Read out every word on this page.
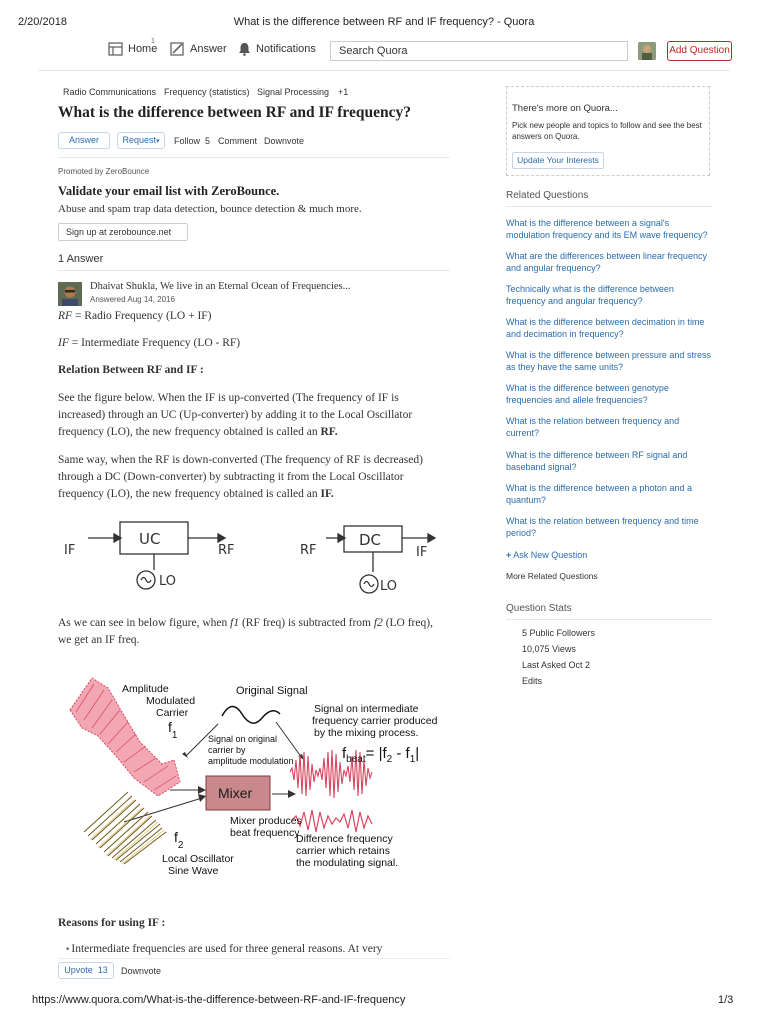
2/20/2018	What is the difference between RF and IF frequency? - Quora
1
Home	Answer	Notifications	Search Quora	Add Question
Radio Communications Frequency (statistics) Signal Processing +1
What is the difference between RF and IF frequency?
Answer	Request▾	Follow 5 Comment Downvote
Promoted by ZeroBounce
Validate your email list with ZeroBounce.
Abuse and spam trap data detection, bounce detection & much more.
Sign up at zerobounce.net
1 Answer
Dhaivat Shukla, We live in an Eternal Ocean of Frequencies...
Answered Aug 14, 2016
RF = Radio Frequency (LO + IF)
IF = Intermediate Frequency (LO - RF)
Relation Between RF and IF :
See the figure below. When the IF is up-converted (The frequency of IF is increased) through an UC (Up-converter) by adding it to the Local Oscillator frequency (LO), the new frequency obtained is called an RF.
Same way, when the RF is down-converted (The frequency of RF is decreased) through a DC (Down-converter) by subtracting it from the Local Oscillator frequency (LO), the new frequency obtained is called an IF.
IF
UC
RF
LO
RF
DC
IF
LO
As we can see in below figure, when f1 (RF freq) is subtracted from f2 (LO freq), we get an IF freq.
Amplitude
Modulated
Carrier
$f_1$
Original Signal
Signal on original
carrier by
amplitude modulation
Signal on intermediate
frequency carrier produced
by the mixing process.
$f_{beat}= |f_2 - f_1|$
Mixer
Mixer produces
beat frequency
$f_2$
Local Oscillator
Sine Wave
Difference frequency
carrier which retains
the modulating signal.
Reasons for using IF :
• Intermediate frequencies are used for three general reasons. At very
Upvote 13	Downvote
There's more on Quora...
Pick new people and topics to follow and see the best answers on Quora.
Update Your Interests
Related Questions
What is the difference between a signal's modulation frequency and its EM wave frequency?
What are the differences between linear frequency and angular frequency?
Technically what is the difference between frequency and angular frequency?
What is the difference between decimation in time and decimation in frequency?
What is the difference between pressure and stress as they have the same units?
What is the difference between genotype frequencies and allele frequencies?
What is the relation between frequency and current?
What is the difference between RF signal and baseband signal?
What is the difference between a photon and a quantum?
What is the relation between frequency and time period?
+ Ask New Question
More Related Questions
Question Stats
5 Public Followers
10,075 Views
Last Asked Oct 2
Edits
https://www.quora.com/What-is-the-difference-between-RF-and-IF-frequency	1/3
